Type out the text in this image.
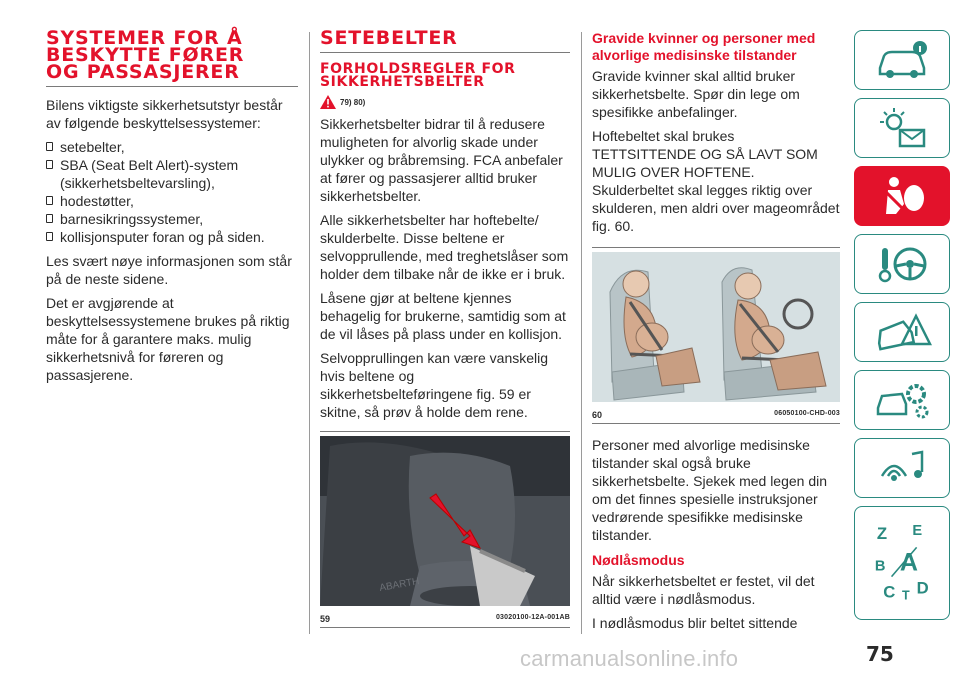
SYSTEMER FOR Å
BESKYTTE FØRER
OG PASSASJERER

Bilens viktigste sikkerhetsutstyr består av følgende beskyttelsessystemer:

setebelter,
SBA (Seat Belt Alert)-system (sikkerhetsbeltevarsling),
hodestøtter,
barnesikringssystemer,
kollisjonsputer foran og på siden.

Les svært nøye informasjonen som står på de neste sidene.

Det er avgjørende at beskyttelsessystemene brukes på riktig måte for å garantere maks. mulig sikkerhetsnivå for føreren og passasjerene.

SETEBELTER
FORHOLDSREGLER FOR
SIKKERHETSBELTER
79) 80)

Sikkerhetsbelter bidrar til å redusere muligheten for alvorlig skade under ulykker og bråbremsing. FCA anbefaler at fører og passasjerer alltid bruker sikkerhetsbelter.

Alle sikkerhetsbelter har hoftebelte/ skulderbelte. Disse beltene er selvopprullende, med treghetslåser som holder dem tilbake når de ikke er i bruk.

Låsene gjør at beltene kjennes behagelig for brukerne, samtidig som at de vil låses på plass under en kollisjon.

Selvopprullingen kan være vanskelig hvis beltene og sikkerhetsbelteføringene fig. 59 er skitne, så prøv å holde dem rene.

ABARTH
59	03020100-12A-001AB
Gravide kvinner og personer med alvorlige medisinske tilstander

Gravide kvinner skal alltid bruker sikkerhetsbelte. Spør din lege om spesifikke anbefalinger.

Hoftebeltet skal brukes TETTSITTENDE OG SÅ LAVT SOM MULIG OVER HOFTENE. Skulderbeltet skal legges riktig over skulderen, men aldri over mageområdet fig. 60.

60	06050100-CHD-003

Personer med alvorlige medisinske tilstander skal også bruke sikkerhetsbelte. Sjekek med legen din om det finnes spesielle instruksjoner vedrørende spesifikke medisinske tilstander.

Nødlåsmodus

Når sikkerhetsbeltet er festet, vil det alltid være i nødlåsmodus.

I nødlåsmodus blir beltet sittende

Z E
B A
C T D
75
carmanualsonline.info
